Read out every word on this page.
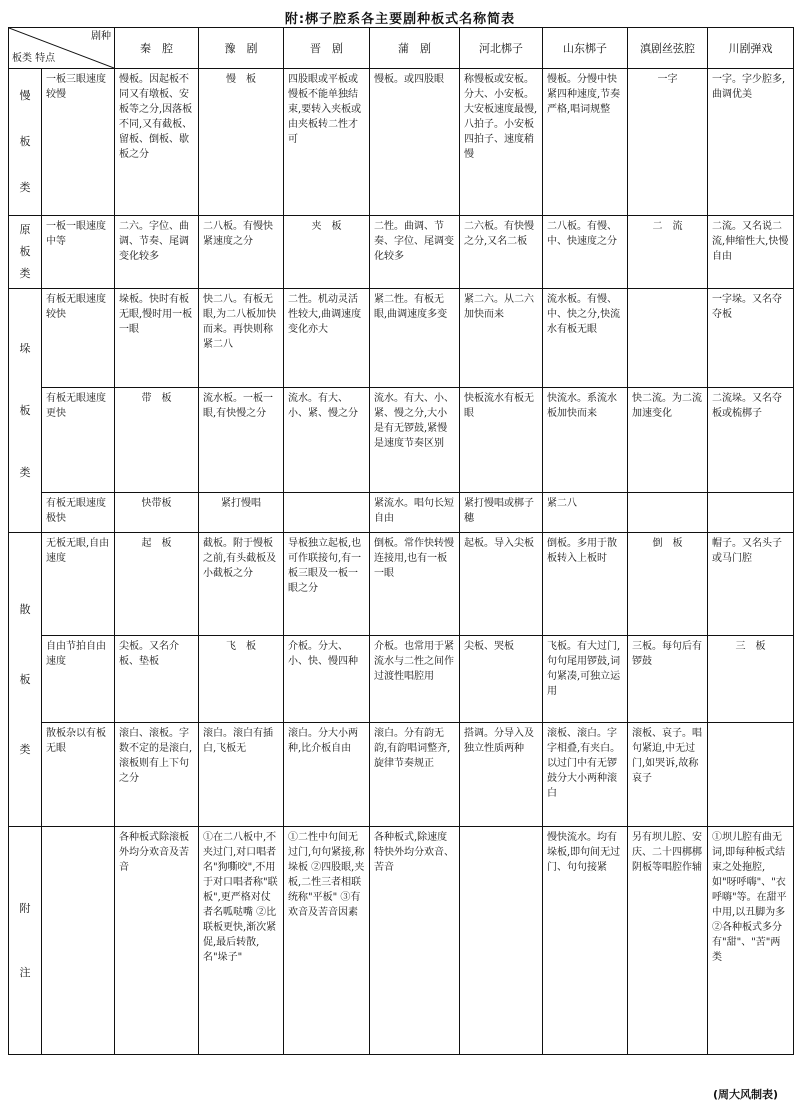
附:梆子腔系各主要剧种板式名称简表
剧种
板类 特点		秦　腔	豫　剧	晋　剧	蒲　剧	河北梆子	山东梆子	滇剧丝弦腔	川剧弹戏
慢
板
类	一板三眼速度较慢	慢板。因起板不同又有墩板、安板等之分,因落板不同,又有截板、留板、倒板、歇板之分	慢　板	四股眼或平板或慢板不能单独结束,要转入夹板或由夹板转二性才可	慢板。或四股眼	称慢板或安板。分大、小安板。大安板速度最慢,八拍子。小安板四拍子、速度稍慢	慢板。分慢中快紧四种速度,节奏严格,唱词规整	一字	一字。字少腔多,曲调优美

原板类	一板一眼速度中等	二六。字位、曲调、节奏、尾调变化较多	二八板。有慢快紧速度之分	夹　板	二性。曲调、节奏、字位、尾调变化较多	二六板。有快慢之分,又名二板	二八板。有慢、中、快速度之分	二　流	二流。又名说二流,伸缩性大,快慢自由
垛
板
类	有板无眼速度较快	垛板。快时有板无眼,慢时用一板一眼	快二八。有板无眼,为二八板加快而来。再快则称紧二八	二性。机动灵活性较大,曲调速度变化亦大	紧二性。有板无眼,曲调速度多变	紧二六。从二六加快而来	流水板。有慢、中、快之分,快流水有板无眼		一字垛。又名夺夺板
	有板无眼速度更快	带　板	流水板。一板一眼,有快慢之分	流水。有大、小、紧、慢之分	流水。有大、小、紧、慢之分,大小是有无锣鼓,紧慢是速度节奏区别	快板流水有板无眼	快流水。系流水板加快而来	快二流。为二流加速变化	二流垛。又名夺板或梳梆子
	有板无眼速度极快	快带板	紧打慢唱		紧流水。唱句长短自由	紧打慢唱或梆子穗	紧二八		
散
板
类	无板无眼,自由速度	起　板	截板。附于慢板之前,有头截板及小截板之分	导板独立起板,也可作联接句,有一板三眼及一板一眼之分	倒板。常作快转慢连接用,也有一板一眼	起板。导入尖板	倒板。多用于散板转入上板时	倒　板	帽子。又名头子或马门腔
	自由节拍自由速度	尖板。又名介板、垫板	飞　板	介板。分大、小、快、慢四种	介板。也常用于紧流水与二性之间作过渡性唱腔用	尖板、哭板	飞板。有大过门,句句尾用锣鼓,词句紧凑,可独立运用	三板。每句后有锣鼓	三　板
	散板杂以有板无眼	滚白、滚板。字数不定的是滚白,滚板则有上下句之分	滚白。滚白有插白,飞板无	滚白。分大小两种,比介板自由	滚白。分有韵无韵,有韵唱词整齐,旋律节奏规正	搭调。分导入及独立性质两种	滚板、滚白。字字相叠,有夹白。以过门中有无锣鼓分大小两种滚白	滚板、哀子。唱句紧迫,中无过门,如哭诉,故称哀子	
附
注		各种板式除滚板外均分欢音及苦音	①在二八板中,不夹过门,对口唱者名"狗嘶咬",不用于对口唱者称"联板",更严格对仗者名呱哒嘴 ②比联板更快,渐次紧促,最后转散,名"垛子"	①二性中句间无过门,句句紧接,称垛板 ②四股眼,夹板,二性三者相联统称"平板" ③有欢音及苦音因素	各种板式,除速度特快外均分欢音、苦音		慢快流水。均有垛板,即句间无过门、句句接紧	另有坝儿腔、安庆、二十四梆梆阴板等唱腔作辅	①坝儿腔有曲无词,即每种板式结束之处拖腔,如"呀呼嗨"、"衣呼嗨"等。在甜平中用,以丑脚为多 ②各种板式多分有"甜"、"苦"两类
(周大风制表)
